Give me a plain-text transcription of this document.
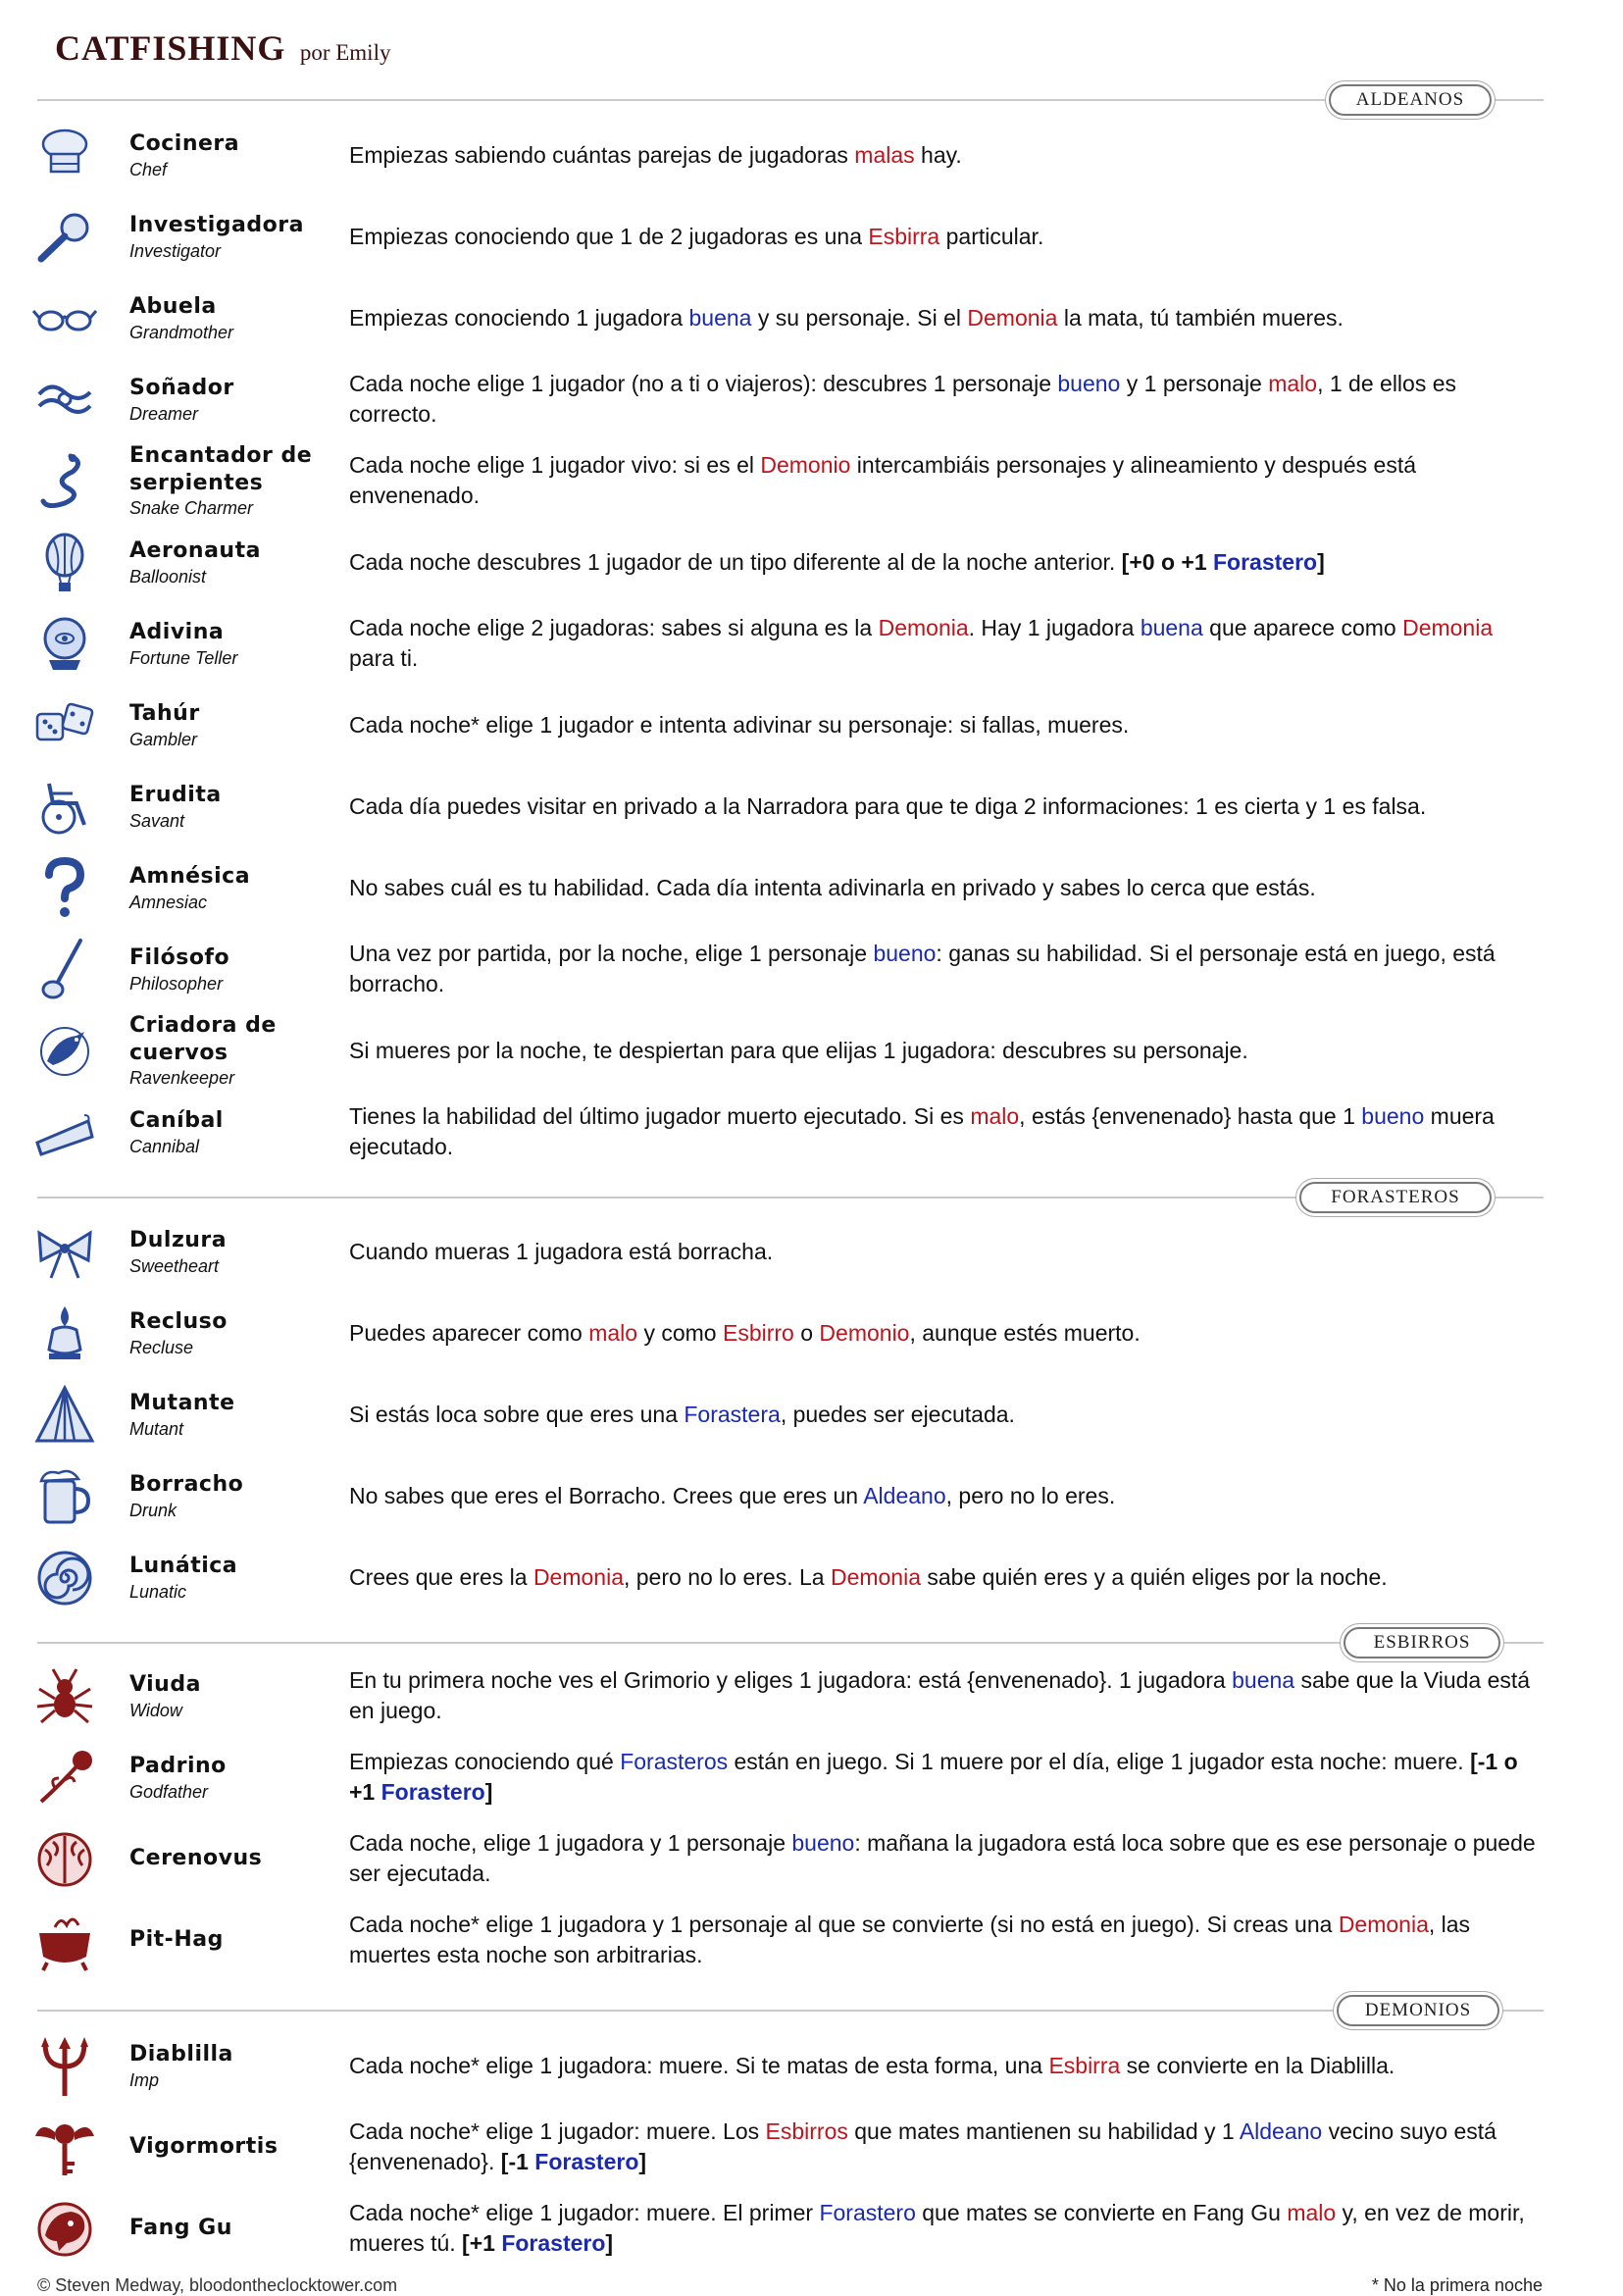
CATFISHING por Emily
ALDEANOS
FORASTEROS
ESBIRROS
DEMONIOS
Cocinera
Chef
Empiezas sabiendo cuántas parejas de jugadoras malas hay.
Investigadora
Investigator
Empiezas conociendo que 1 de 2 jugadoras es una Esbirra particular.
Abuela
Grandmother
Empiezas conociendo 1 jugadora buena y su personaje. Si el Demonia la mata, tú también mueres.
Soñador
Dreamer
Cada noche elige 1 jugador (no a ti o viajeros): descubres 1 personaje bueno y 1 personaje malo, 1 de ellos es correcto.
Encantador de serpientes
Snake Charmer
Cada noche elige 1 jugador vivo: si es el Demonio intercambiáis personajes y alineamiento y después está envenenado.
Aeronauta
Balloonist
Cada noche descubres 1 jugador de un tipo diferente al de la noche anterior. [+0 o +1 Forastero]
Adivina
Fortune Teller
Cada noche elige 2 jugadoras: sabes si alguna es la Demonia. Hay 1 jugadora buena que aparece como Demonia para ti.
Tahúr
Gambler
Cada noche* elige 1 jugador e intenta adivinar su personaje: si fallas, mueres.
Erudita
Savant
Cada día puedes visitar en privado a la Narradora para que te diga 2 informaciones: 1 es cierta y 1 es falsa.
Amnésica
Amnesiac
No sabes cuál es tu habilidad. Cada día intenta adivinarla en privado y sabes lo cerca que estás.
Filósofo
Philosopher
Una vez por partida, por la noche, elige 1 personaje bueno: ganas su habilidad. Si el personaje está en juego, está borracho.
Criadora de cuervos
Ravenkeeper
Si mueres por la noche, te despiertan para que elijas 1 jugadora: descubres su personaje.
Caníbal
Cannibal
Tienes la habilidad del último jugador muerto ejecutado. Si es malo, estás {envenenado} hasta que 1 bueno muera ejecutado.
Dulzura
Sweetheart
Cuando mueras 1 jugadora está borracha.
Recluso
Recluse
Puedes aparecer como malo y como Esbirro o Demonio, aunque estés muerto.
Mutante
Mutant
Si estás loca sobre que eres una Forastera, puedes ser ejecutada.
Borracho
Drunk
No sabes que eres el Borracho. Crees que eres un Aldeano, pero no lo eres.
Lunática
Lunatic
Crees que eres la Demonia, pero no lo eres. La Demonia sabe quién eres y a quién eliges por la noche.
Viuda
Widow
En tu primera noche ves el Grimorio y eliges 1 jugadora: está {envenenado}. 1 jugadora buena sabe que la Viuda está en juego.
Padrino
Godfather
Empiezas conociendo qué Forasteros están en juego. Si 1 muere por el día, elige 1 jugador esta noche: muere. [-1 o +1 Forastero]
Cerenovus
Cada noche, elige 1 jugadora y 1 personaje bueno: mañana la jugadora está loca sobre que es ese personaje o puede ser ejecutada.
Pit-Hag
Cada noche* elige 1 jugadora y 1 personaje al que se convierte (si no está en juego). Si creas una Demonia, las muertes esta noche son arbitrarias.
Diablilla
Imp
Cada noche* elige 1 jugadora: muere. Si te matas de esta forma, una Esbirra se convierte en la Diablilla.
Vigormortis
Cada noche* elige 1 jugador: muere. Los Esbirros que mates mantienen su habilidad y 1 Aldeano vecino suyo está {envenenado}. [-1 Forastero]
Fang Gu
Cada noche* elige 1 jugador: muere. El primer Forastero que mates se convierte en Fang Gu malo y, en vez de morir, mueres tú. [+1 Forastero]
© Steven Medway, bloodontheclocktower.com	* No la primera noche
